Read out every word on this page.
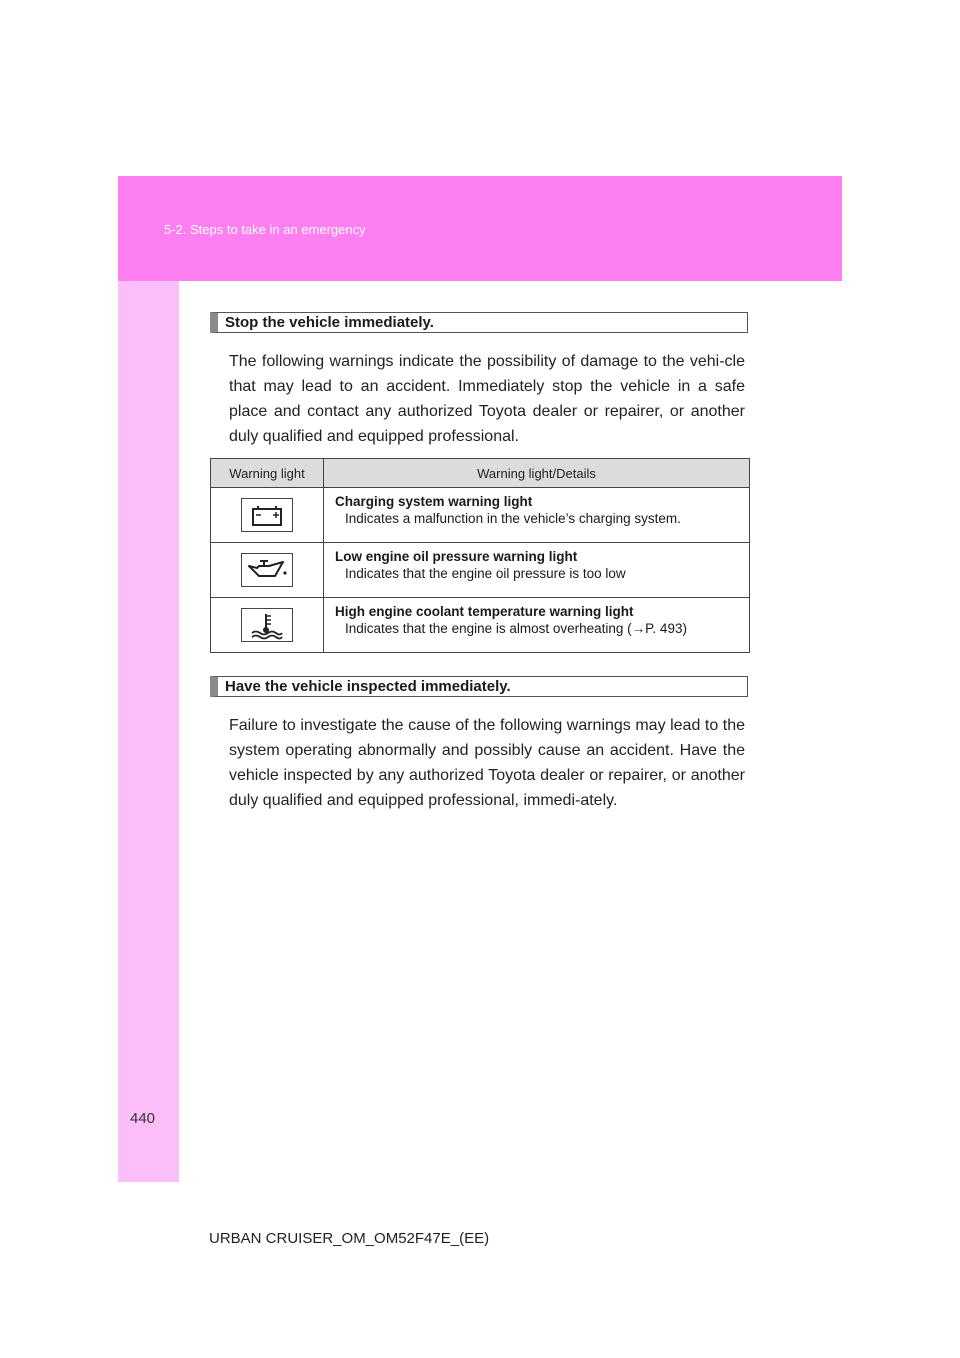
5-2. Steps to take in an emergency
Stop the vehicle immediately.
The following warnings indicate the possibility of damage to the vehi-cle that may lead to an accident. Immediately stop the vehicle in a safe place and contact any authorized Toyota dealer or repairer, or another duly qualified and equipped professional.
Warning light	Warning light/Details

Charging system warning light
Indicates a malfunction in the vehicle’s charging system.

Low engine oil pressure warning light
Indicates that the engine oil pressure is too low

High engine coolant temperature warning light
Indicates that the engine is almost overheating (→P. 493)
Have the vehicle inspected immediately.
Failure to investigate the cause of the following warnings may lead to the system operating abnormally and possibly cause an accident. Have the vehicle inspected by any authorized Toyota dealer or repairer, or another duly qualified and equipped professional, immedi-ately.
440
URBAN CRUISER_OM_OM52F47E_(EE)
